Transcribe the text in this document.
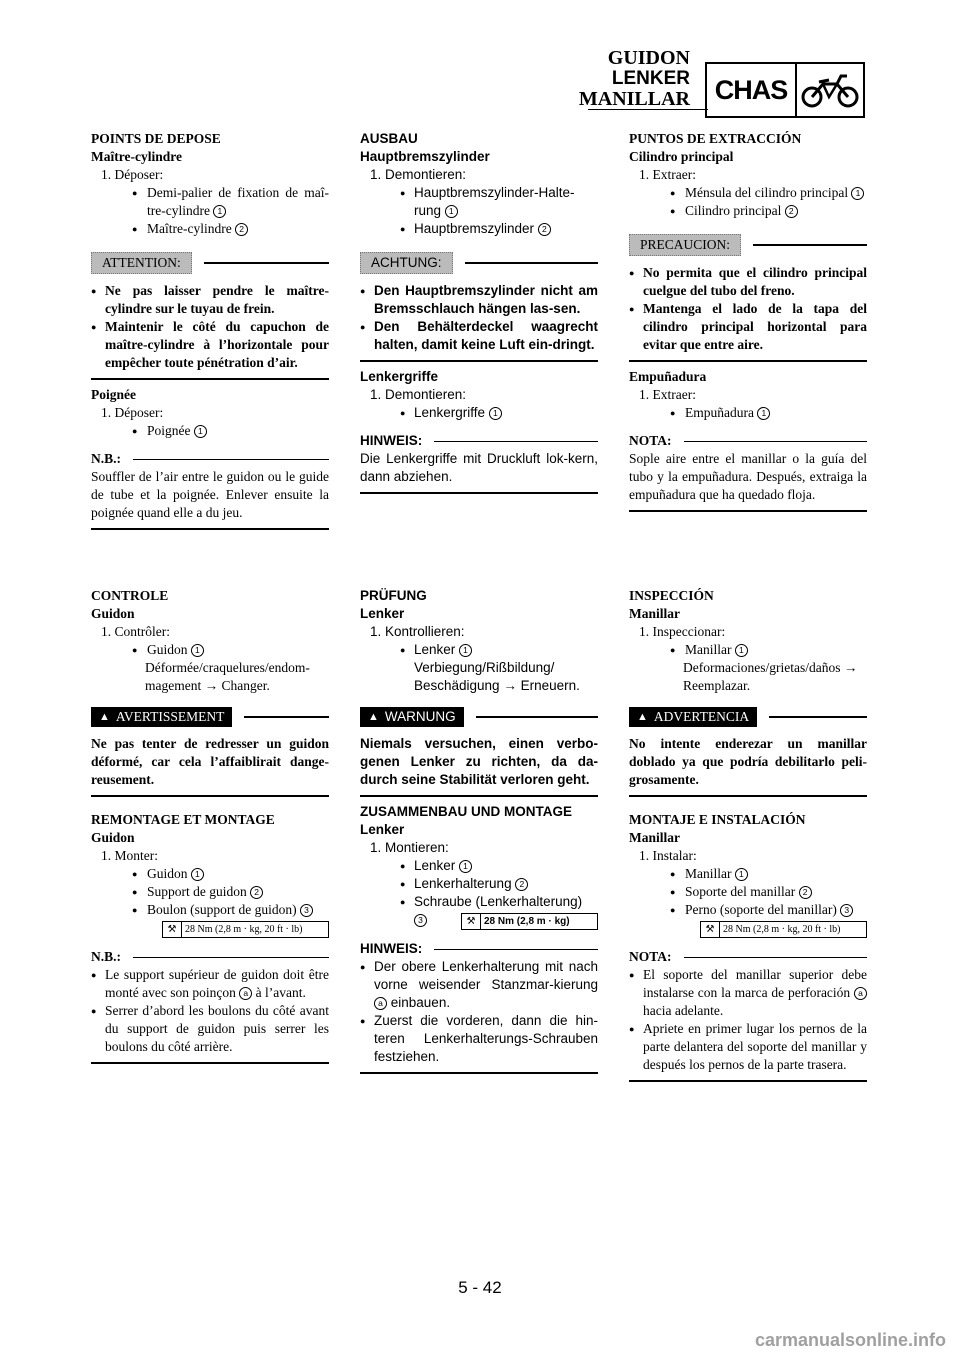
GUIDON
LENKER
MANILLAR CHAS
POINTS DE DEPOSE
Maître-cylindre
1. Déposer:
● Demi-palier de fixation de maî-tre-cylindre 1
● Maître-cylindre 2
ATTENTION:
● Ne pas laisser pendre le maître-cylindre sur le tuyau de frein.
● Maintenir le côté du capuchon de maître-cylindre à l’horizontale pour empêcher toute pénétration d’air.
Poignée
1. Déposer:
● Poignée 1
N.B.:
Souffler de l’air entre le guidon ou le guide de tube et la poignée. Enlever ensuite la poignée quand elle a du jeu.
CONTROLE
Guidon
1. Contrôler:
● Guidon 1
Déformée/craquelures/endom-magement → Changer.
▲ AVERTISSEMENT
Ne pas tenter de redresser un guidon déformé, car cela l’affaiblirait dange-reusement.
REMONTAGE ET MONTAGE
Guidon
1. Monter:
● Guidon 1
● Support de guidon 2
● Boulon (support de guidon) 3
⚒ 28 Nm (2,8 m · kg, 20 ft · lb)
N.B.:
● Le support supérieur de guidon doit être monté avec son poinçon a à l’avant.
● Serrer d’abord les boulons du côté avant du support de guidon puis serrer les boulons du côté arrière.
AUSBAU
Hauptbremszylinder
1. Demontieren:
● Hauptbremszylinder-Halte-rung 1
● Hauptbremszylinder 2
ACHTUNG:
● Den Hauptbremszylinder nicht am Bremsschlauch hängen las-sen.
● Den Behälterdeckel waagrecht halten, damit keine Luft ein-dringt.
Lenkergriffe
1. Demontieren:
● Lenkergriffe 1
HINWEIS:
Die Lenkergriffe mit Druckluft lok-kern, dann abziehen.
PRÜFUNG
Lenker
1. Kontrollieren:
● Lenker 1
Verbiegung/Rißbildung/ Beschädigung → Erneuern.
▲ WARNUNG
Niemals versuchen, einen verbo-genen Lenker zu richten, da da-durch seine Stabilität verloren geht.
ZUSAMMENBAU UND MONTAGE
Lenker
1. Montieren:
● Lenker 1
● Lenkerhalterung 2
● Schraube (Lenkerhalterung)
3	⚒ 28 Nm (2,8 m · kg)
HINWEIS:
● Der obere Lenkerhalterung mit nach vorne weisender Stanzmar-kierung a einbauen.
● Zuerst die vorderen, dann die hin-teren Lenkerhalterungs-Schrauben festziehen.
PUNTOS DE EXTRACCIÓN
Cilindro principal
1. Extraer:
● Ménsula del cilindro principal 1
● Cilindro principal 2
PRECAUCION:
● No permita que el cilindro principal cuelgue del tubo del freno.
● Mantenga el lado de la tapa del cilindro principal horizontal para evitar que entre aire.
Empuñadura
1. Extraer:
● Empuñadura 1
NOTA:
Sople aire entre el manillar o la guía del tubo y la empuñadura. Después, extraiga la empuñadura que ha quedado floja.
INSPECCIÓN
Manillar
1. Inspeccionar:
● Manillar 1
Deformaciones/grietas/daños → Reemplazar.
▲ ADVERTENCIA
No intente enderezar un manillar doblado ya que podría debilitarlo peli-grosamente.
MONTAJE E INSTALACIÓN
Manillar
1. Instalar:
● Manillar 1
● Soporte del manillar 2
● Perno (soporte del manillar) 3
⚒ 28 Nm (2,8 m · kg, 20 ft · lb)
NOTA:
● El soporte del manillar superior debe instalarse con la marca de perforación a hacia adelante.
● Apriete en primer lugar los pernos de la parte delantera del soporte del manillar y después los pernos de la parte trasera.
5 - 42
carmanualsonline.info
